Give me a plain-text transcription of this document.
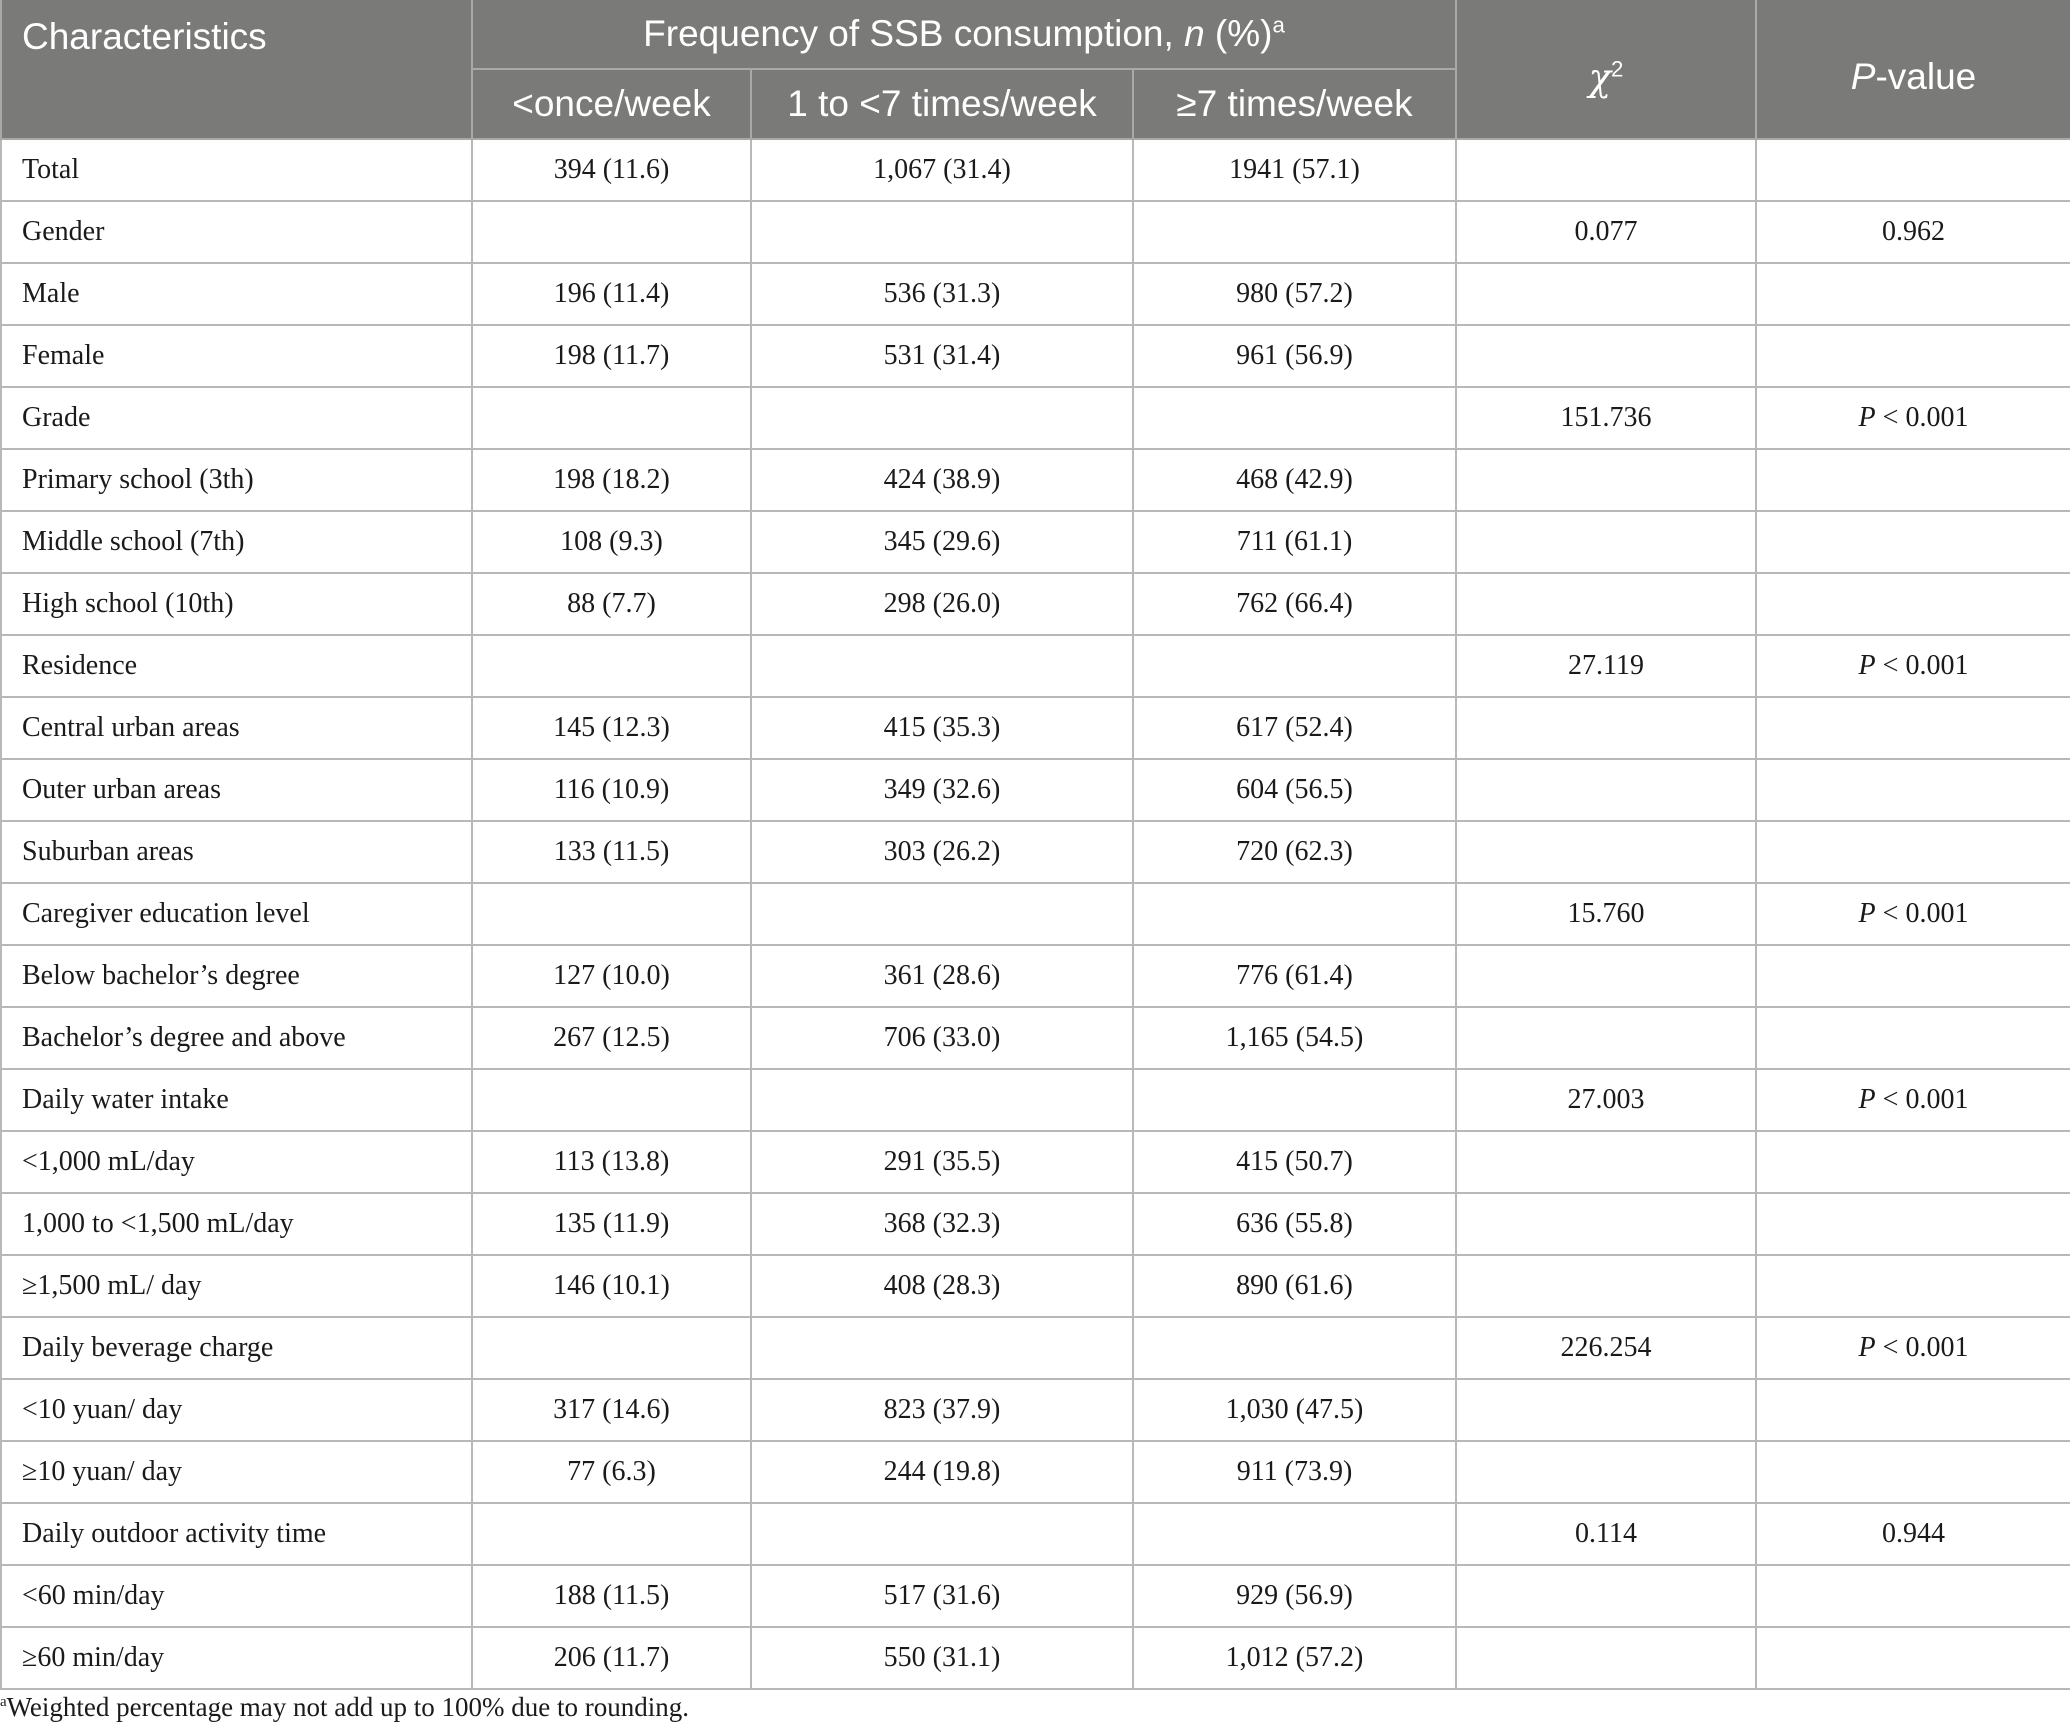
Characteristics	Frequency of SSB consumption, n (%)$^a$			$\chi^2$	P-value
	<once/week	1 to <7 times/week	≥7 times/week		
Total	394 (11.6)	1,067 (31.4)	1941 (57.1)		
Gender				0.077	0.962
Male	196 (11.4)	536 (31.3)	980 (57.2)		
Female	198 (11.7)	531 (31.4)	961 (56.9)		
Grade				151.736	P < 0.001
Primary school (3th)	198 (18.2)	424 (38.9)	468 (42.9)		
Middle school (7th)	108 (9.3)	345 (29.6)	711 (61.1)		
High school (10th)	88 (7.7)	298 (26.0)	762 (66.4)		
Residence				27.119	P < 0.001
Central urban areas	145 (12.3)	415 (35.3)	617 (52.4)		
Outer urban areas	116 (10.9)	349 (32.6)	604 (56.5)		
Suburban areas	133 (11.5)	303 (26.2)	720 (62.3)		
Caregiver education level				15.760	P < 0.001
Below bachelor’s degree	127 (10.0)	361 (28.6)	776 (61.4)		
Bachelor’s degree and above	267 (12.5)	706 (33.0)	1,165 (54.5)		
Daily water intake				27.003	P < 0.001
<1,000 mL/day	113 (13.8)	291 (35.5)	415 (50.7)		
1,000 to <1,500 mL/day	135 (11.9)	368 (32.3)	636 (55.8)		
≥1,500 mL/ day	146 (10.1)	408 (28.3)	890 (61.6)		
Daily beverage charge				226.254	P < 0.001
<10 yuan/ day	317 (14.6)	823 (37.9)	1,030 (47.5)		
≥10 yuan/ day	77 (6.3)	244 (19.8)	911 (73.9)		
Daily outdoor activity time				0.114	0.944
<60 min/day	188 (11.5)	517 (31.6)	929 (56.9)		
≥60 min/day	206 (11.7)	550 (31.1)	1,012 (57.2)		
$^a$Weighted percentage may not add up to 100% due to rounding.
